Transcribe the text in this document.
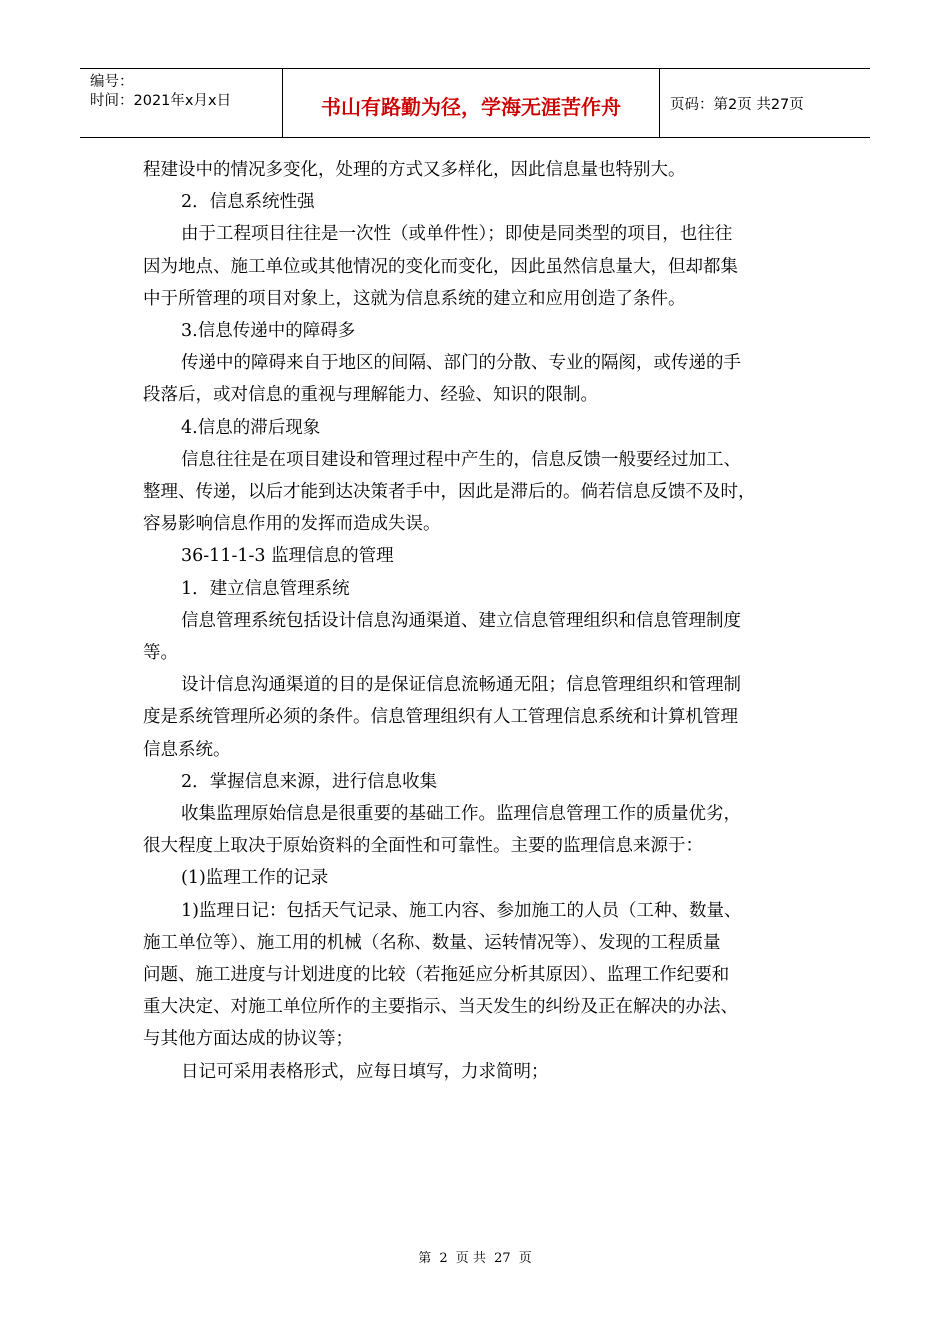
编号：
时间：2021年x月x日	书山有路勤为径，学海无涯苦作舟	页码：第2页 共27页

程建设中的情况多变化，处理的方式又多样化，因此信息量也特别大。

2．信息系统性强

由于工程项目往往是一次性（或单件性）；即使是同类型的项目，也往往

因为地点、施工单位或其他情况的变化而变化，因此虽然信息量大，但却都集

中于所管理的项目对象上，这就为信息系统的建立和应用创造了条件。

3.信息传递中的障碍多

传递中的障碍来自于地区的间隔、部门的分散、专业的隔阂，或传递的手

段落后，或对信息的重视与理解能力、经验、知识的限制。

4.信息的滞后现象

信息往往是在项目建设和管理过程中产生的，信息反馈一般要经过加工、

整理、传递，以后才能到达决策者手中，因此是滞后的。倘若信息反馈不及时，

容易影响信息作用的发挥而造成失误。

36-11-1-3 监理信息的管理

1．建立信息管理系统

信息管理系统包括设计信息沟通渠道、建立信息管理组织和信息管理制度

等。

设计信息沟通渠道的目的是保证信息流畅通无阻；信息管理组织和管理制

度是系统管理所必须的条件。信息管理组织有人工管理信息系统和计算机管理

信息系统。

2．掌握信息来源，进行信息收集

收集监理原始信息是很重要的基础工作。监理信息管理工作的质量优劣，

很大程度上取决于原始资料的全面性和可靠性。主要的监理信息来源于：

(1)监理工作的记录

1)监理日记：包括天气记录、施工内容、参加施工的人员（工种、数量、

施工单位等）、施工用的机械（名称、数量、运转情况等）、发现的工程质量

问题、施工进度与计划进度的比较（若拖延应分析其原因）、监理工作纪要和

重大决定、对施工单位所作的主要指示、当天发生的纠纷及正在解决的办法、

与其他方面达成的协议等；

日记可采用表格形式，应每日填写，力求简明；

第 2 页 共 27 页
